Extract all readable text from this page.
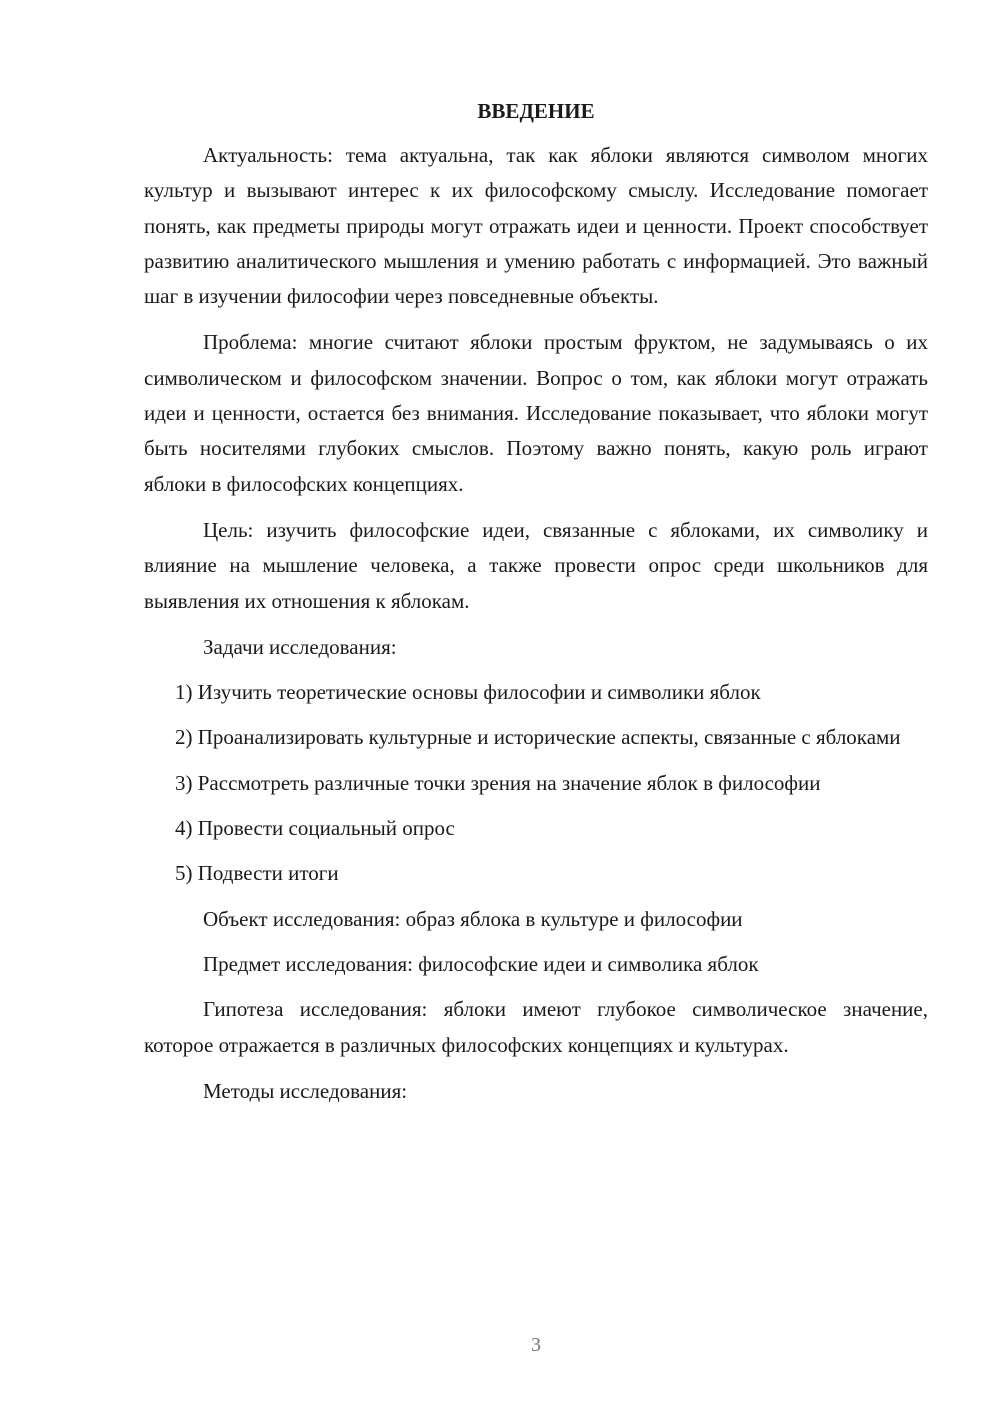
ВВЕДЕНИЕ

Актуальность: тема актуальна, так как яблоки являются символом многих культур и вызывают интерес к их философскому смыслу. Исследование помогает понять, как предметы природы могут отражать идеи и ценности. Проект способствует развитию аналитического мышления и умению работать с информацией. Это важный шаг в изучении философии через повседневные объекты.

Проблема: многие считают яблоки простым фруктом, не задумываясь о их символическом и философском значении. Вопрос о том, как яблоки могут отражать идеи и ценности, остается без внимания. Исследование показывает, что яблоки могут быть носителями глубоких смыслов. Поэтому важно понять, какую роль играют яблоки в философских концепциях.

Цель: изучить философские идеи, связанные с яблоками, их символику и влияние на мышление человека, а также провести опрос среди школьников для выявления их отношения к яблокам.

Задачи исследования:

1) Изучить теоретические основы философии и символики яблок

2) Проанализировать культурные и исторические аспекты, связанные с яблоками

3) Рассмотреть различные точки зрения на значение яблок в философии

4) Провести социальный опрос

5) Подвести итоги

Объект исследования: образ яблока в культуре и философии

Предмет исследования: философские идеи и символика яблок

Гипотеза исследования: яблоки имеют глубокое символическое значение, которое отражается в различных философских концепциях и культурах.

Методы исследования:

3
